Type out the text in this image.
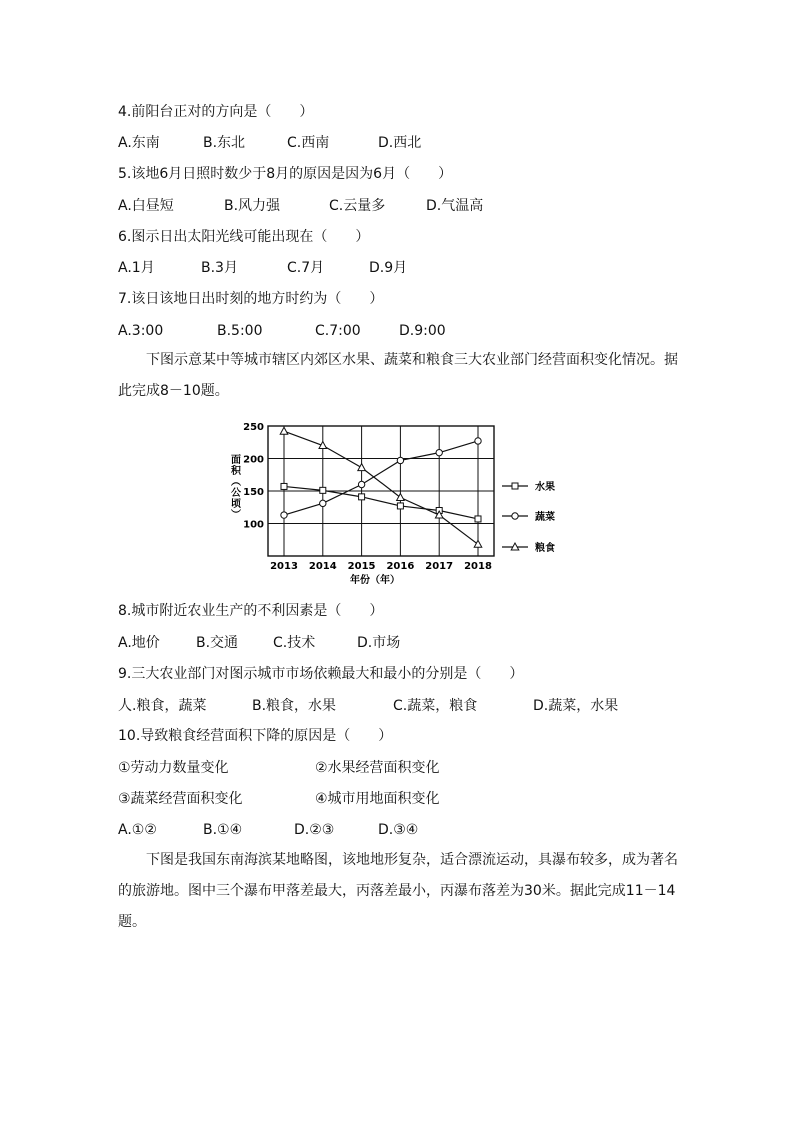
4.前阳台正对的方向是（　　）
A.东南	B.东北	C.西南	D.西北
5.该地6月日照时数少于8月的原因是因为6月（　　）
A.白昼短	B.风力强	C.云量多	D.气温高
6.图示日出太阳光线可能出现在（　　）
A.1月	B.3月	C.7月	D.9月
7.该日该地日出时刻的地方时约为（　　）
A.3:00	B.5:00	C.7:00	D.9:00
下图示意某中等城市辖区内郊区水果、蔬菜和粮食三大农业部门经营面积变化情况。据此完成8－10题。
水果
蔬菜
粮食
100
150
200
250
2013 2014 2015 2016 2017 2018
面积（公顷）
年份（年）
8.城市附近农业生产的不利因素是（　　）
A.地价	B.交通 C.技术	D.市场
9.三大农业部门对图示城市市场依赖最大和最小的分别是（　　）
人.粮食，蔬菜	B.粮食，水果	C.蔬菜，粮食	D.蔬菜，水果
10.导致粮食经营面积下降的原因是（　　）
①劳动力数量变化	②水果经营面积变化
③蔬菜经营面积变化	④城市用地面积变化
A.①②	B.①④	D.②③	D.③④
下图是我国东南海滨某地略图，该地地形复杂，适合漂流运动，具瀑布较多，成为著名的旅游地。图中三个瀑布甲落差最大，丙落差最小，丙瀑布落差为30米。据此完成11－14题。
